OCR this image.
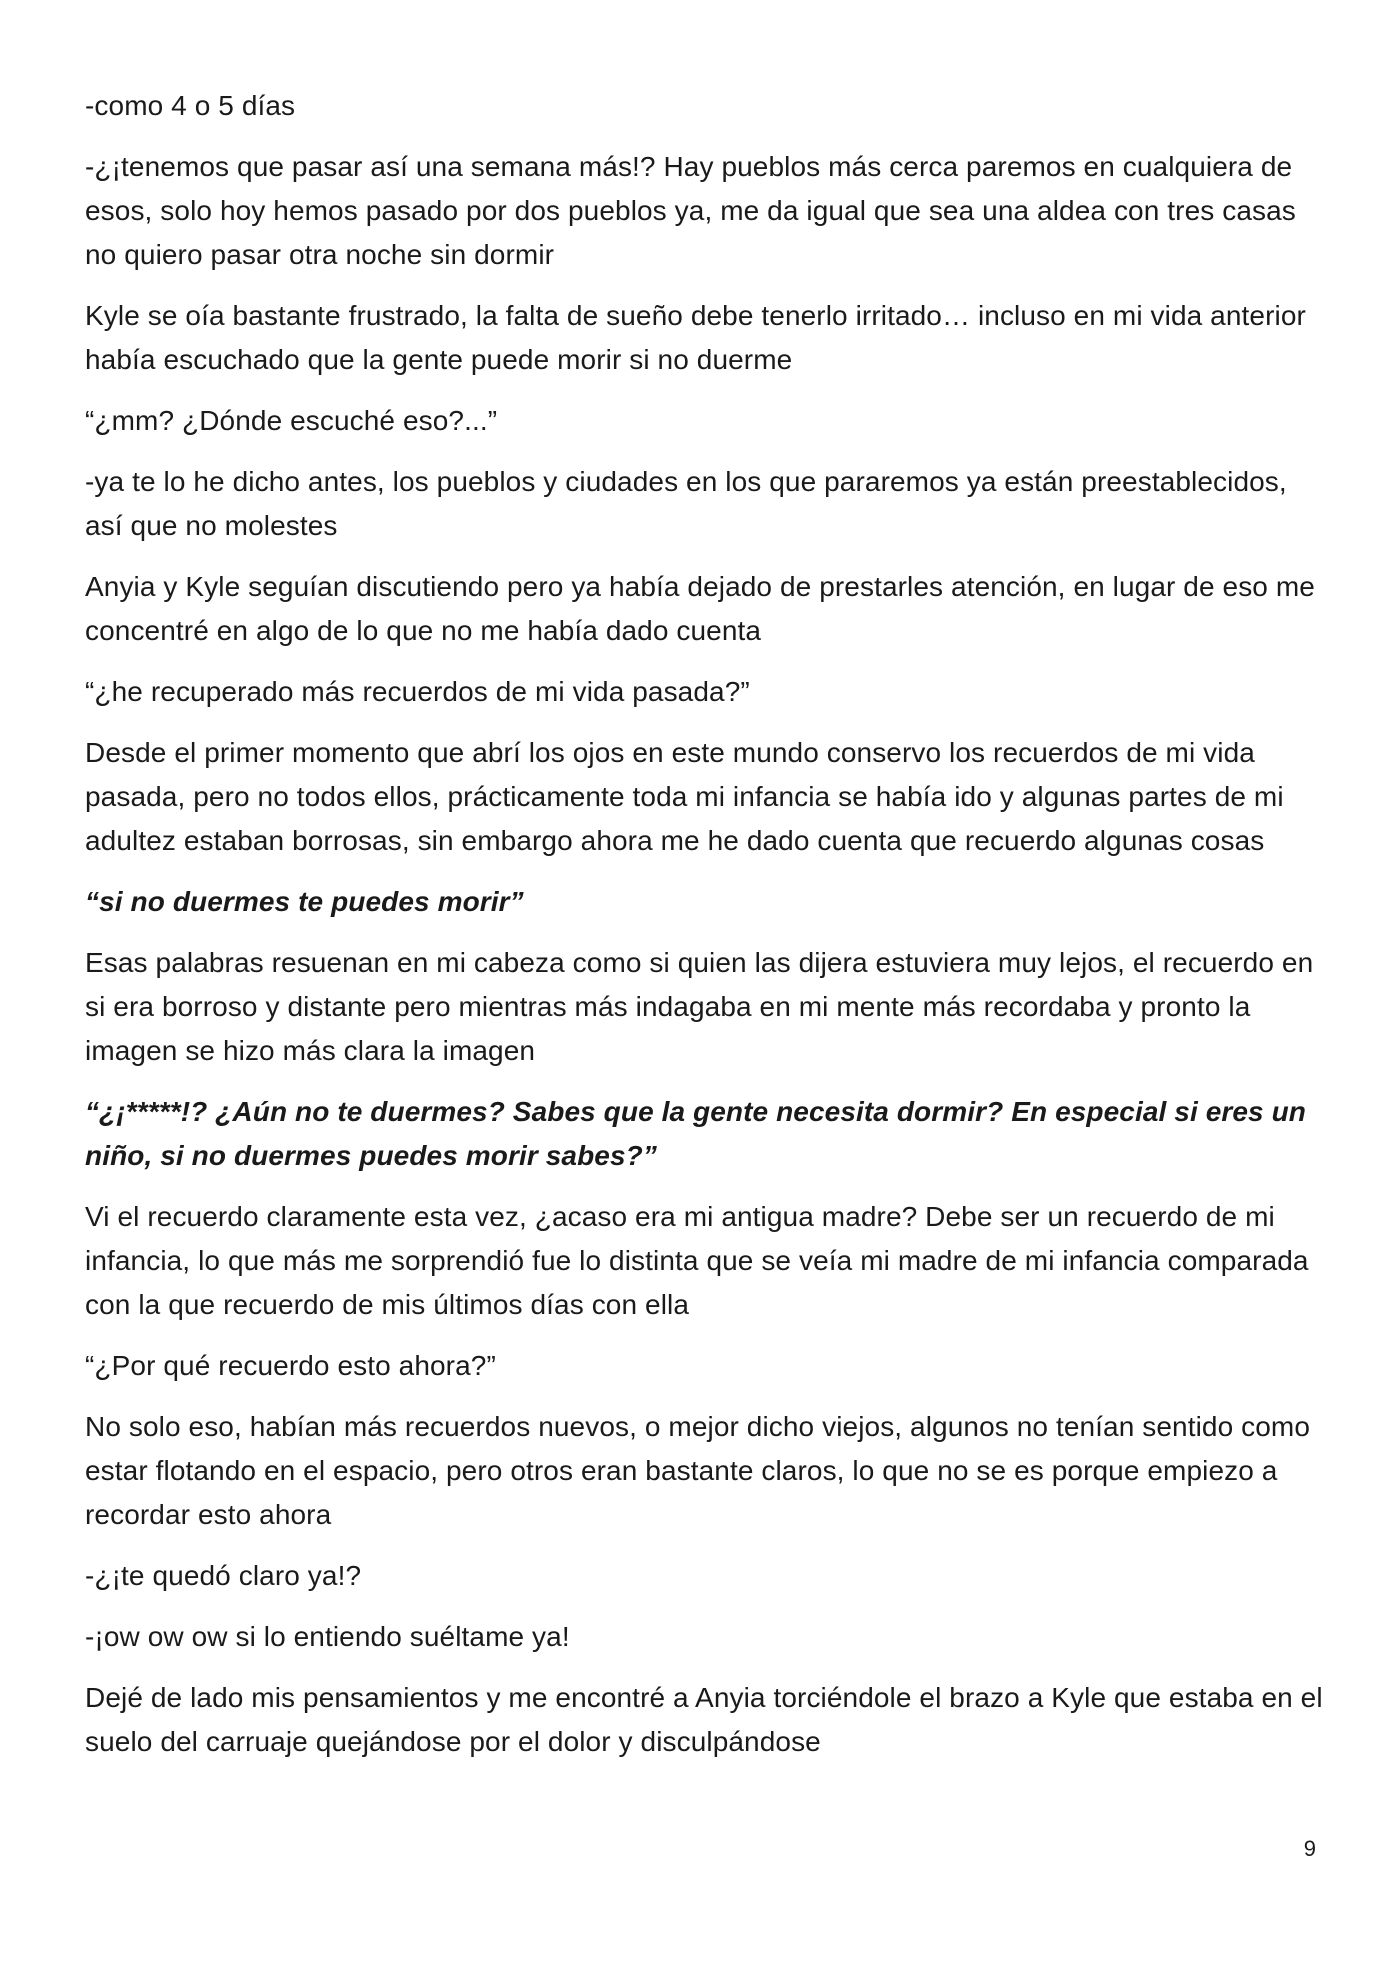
-como 4 o 5 días

-¿¡tenemos que pasar así una semana más!? Hay pueblos más cerca paremos en cualquiera de esos, solo hoy hemos pasado por dos pueblos ya, me da igual que sea una aldea con tres casas no quiero pasar otra noche sin dormir

Kyle se oía bastante frustrado, la falta de sueño debe tenerlo irritado… incluso en mi vida anterior había escuchado que la gente puede morir si no duerme

“¿mm? ¿Dónde escuché eso?...”

-ya te lo he dicho antes, los pueblos y ciudades en los que pararemos ya están preestablecidos, así que no molestes

Anyia y Kyle seguían discutiendo pero ya había dejado de prestarles atención, en lugar de eso me concentré en algo de lo que no me había dado cuenta

“¿he recuperado más recuerdos de mi vida pasada?”

Desde el primer momento que abrí los ojos en este mundo conservo los recuerdos de mi vida pasada, pero no todos ellos, prácticamente toda mi infancia se había ido y algunas partes de mi adultez estaban borrosas, sin embargo ahora me he dado cuenta que recuerdo algunas cosas

“si no duermes te puedes morir”

Esas palabras resuenan en mi cabeza como si quien las dijera estuviera muy lejos, el recuerdo en si era borroso y distante pero mientras más indagaba en mi mente más recordaba y pronto la imagen se hizo más clara la imagen

“¿¡*****!? ¿Aún no te duermes? Sabes que la gente necesita dormir? En especial si eres un niño, si no duermes puedes morir sabes?”

Vi el recuerdo claramente esta vez, ¿acaso era mi antigua madre? Debe ser un recuerdo de mi infancia, lo que más me sorprendió fue lo distinta que se veía mi madre de mi infancia comparada con la que recuerdo de mis últimos días con ella

“¿Por qué recuerdo esto ahora?”

No solo eso, habían más recuerdos nuevos, o mejor dicho viejos, algunos no tenían sentido como estar flotando en el espacio, pero otros eran bastante claros, lo que no se es porque empiezo a recordar esto ahora

-¿¡te quedó claro ya!?

-¡ow ow ow si lo entiendo suéltame ya!

Dejé de lado mis pensamientos y me encontré a Anyia torciéndole el brazo a Kyle que estaba en el suelo del carruaje quejándose por el dolor y disculpándose

9
